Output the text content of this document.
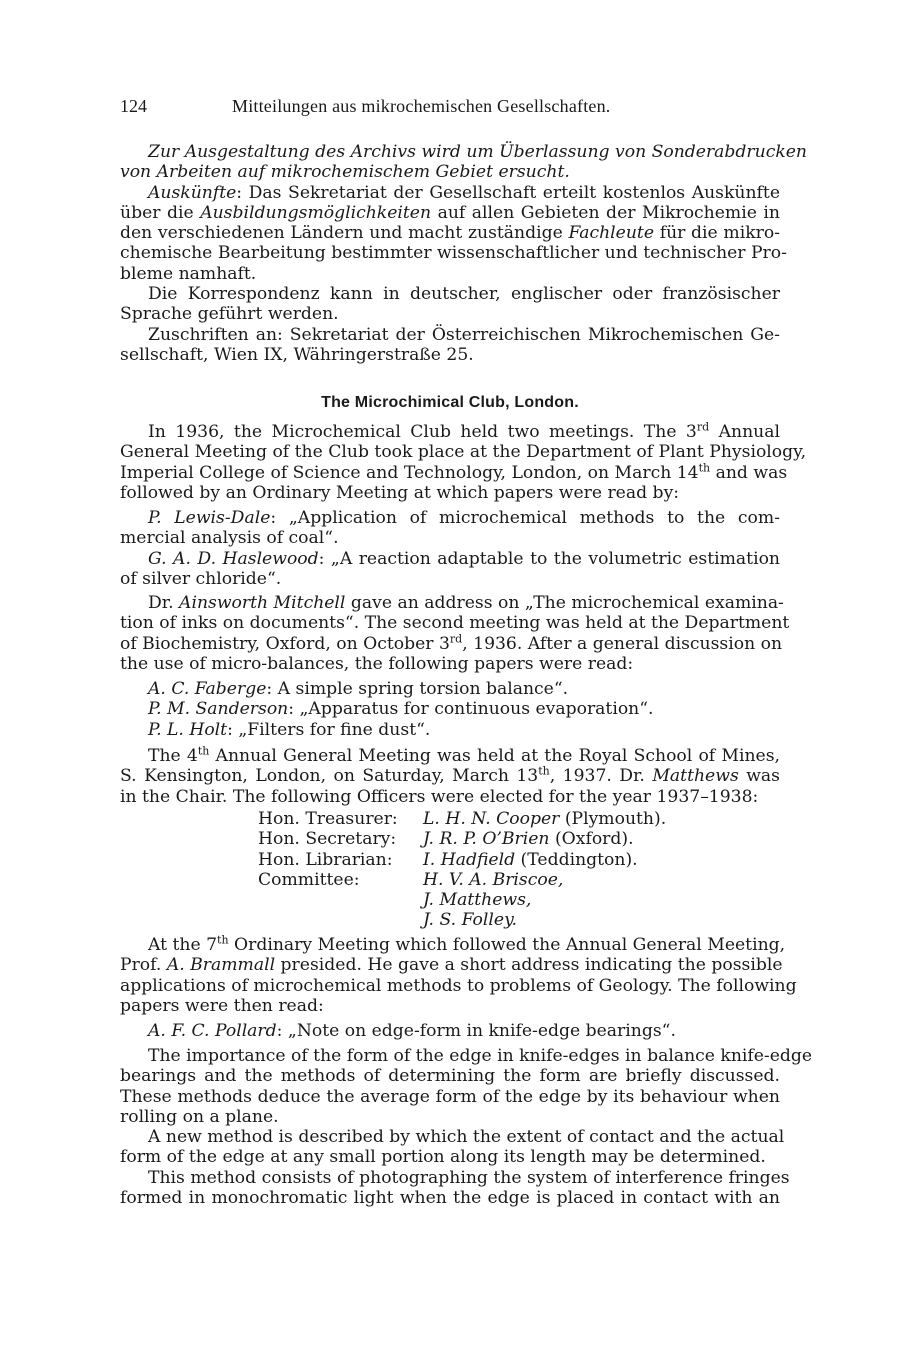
124	Mitteilungen aus mikrochemischen Gesellschaften.
Zur Ausgestaltung des Archivs wird um Überlassung von Sonderabdrucken
von Arbeiten auf mikrochemischem Gebiet ersucht.
Auskünfte: Das Sekretariat der Gesellschaft erteilt kostenlos Auskünfte
über die Ausbildungsmöglichkeiten auf allen Gebieten der Mikrochemie in
den verschiedenen Ländern und macht zuständige Fachleute für die mikro-
chemische Bearbeitung bestimmter wissenschaftlicher und technischer Pro-
bleme namhaft.
Die Korrespondenz kann in deutscher, englischer oder französischer
Sprache geführt werden.
Zuschriften an: Sekretariat der Österreichischen Mikrochemischen Ge-
sellschaft, Wien IX, Währingerstraße 25.
The Microchimical Club, London.
In 1936, the Microchemical Club held two meetings. The 3rd Annual
General Meeting of the Club took place at the Department of Plant Physiology,
Imperial College of Science and Technology, London, on March 14th and was
followed by an Ordinary Meeting at which papers were read by:
P. Lewis-Dale: „Application of microchemical methods to the com-
mercial analysis of coal“.
G. A. D. Haslewood: „A reaction adaptable to the volumetric estimation
of silver chloride“.
Dr. Ainsworth Mitchell gave an address on „The microchemical examina-
tion of inks on documents“. The second meeting was held at the Department
of Biochemistry, Oxford, on October 3rd, 1936. After a general discussion on
the use of micro-balances, the following papers were read:
A. C. Faberge: A simple spring torsion balance“.
P. M. Sanderson: „Apparatus for continuous evaporation“.
P. L. Holt: „Filters for fine dust“.
The 4th Annual General Meeting was held at the Royal School of Mines,
S. Kensington, London, on Saturday, March 13th, 1937. Dr. Matthews was
in the Chair. The following Officers were elected for the year 1937–1938:
Hon. Treasurer:	L. H. N. Cooper (Plymouth).
Hon. Secretary:	J. R. P. O’Brien (Oxford).
Hon. Librarian:	I. Hadfield (Teddington).
Committee:	H. V. A. Briscoe,
	J. Matthews,
	J. S. Folley.
At the 7th Ordinary Meeting which followed the Annual General Meeting,
Prof. A. Brammall presided. He gave a short address indicating the possible
applications of microchemical methods to problems of Geology. The following
papers were then read:
A. F. C. Pollard: „Note on edge-form in knife-edge bearings“.
The importance of the form of the edge in knife-edges in balance knife-edge
bearings and the methods of determining the form are briefly discussed.
These methods deduce the average form of the edge by its behaviour when
rolling on a plane.
A new method is described by which the extent of contact and the actual
form of the edge at any small portion along its length may be determined.
This method consists of photographing the system of interference fringes
formed in monochromatic light when the edge is placed in contact with an
